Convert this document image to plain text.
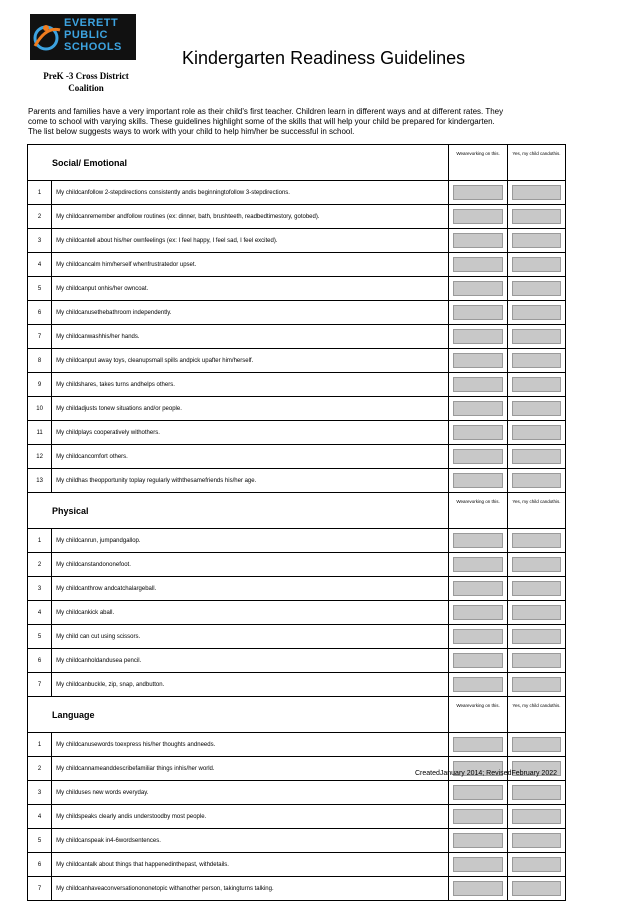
EVERETT
PUBLIC
SCHOOLS
PreK -3 Cross District
Coalition
Kindergarten Readiness Guidelines
Parents and families have a very important role as their child's first teacher. Children learn in different ways and at different rates. They
come to school with varying skills. These guidelines highlight some of the skills that will help your child be prepared for kindergarten.
The list below suggests ways to work with your child to help him/her be successful in school.
Social/ Emotional		Wearevorking on this.	Yes, my child candothis.
1	My childcanfollow 2-stepdirections consistently andis beginningtofollow 3-stepdirections.	

2	My childcanremember andfollow routines (ex: dinner, bath, brushteeth, readbedtimestory, gotobed).	

3	My childcantell about his/her ownfeelings (ex: I feel happy, I feel sad, I feel excited).	

4	My childcancalm him/herself whenfrustratedor upset.	

5	My childcanput onhis/her owncoat.	

6	My childcanusethebathroom independently.	

7	My childcanwashhis/her hands.	

8	My childcanput away toys, cleanupsmall spills andpick upafter him/herself.	

9	My childshares, takes turns andhelps others.	

10	My childadjusts tonew situations and/or people.	

11	My childplays cooperatively withothers.	

12	My childcancomfort others.	

13	My childhas theopportunity toplay regularly withthesamefriends his/her age.	

Physical		Wearevorking on this.	Yes, my child candothis.
1	My childcanrun, jumpandgallop.	

2	My childcanstandononefoot.	

3	My childcanthrow andcatchalargeball.	

4	My childcankick aball.	

5	My child can cut using scissors.	

6	My childcanholdandusea pencil.	

7	My childcanbuckle, zip, snap, andbutton.	

Language		Wearevorking on this.	Yes, my child candothis.
1	My childcanusewords toexpress his/her thoughts andneeds.	

2	My childcannameanddescribefamiliar things inhis/her world.	

3	My childuses new words everyday.	

4	My childspeaks clearly andis understoodby most people.	

5	My childcanspeak in4-6wordsentences.	

6	My childcantalk about things that happenedinthepast, withdetails.	

7	My childcanhaveaconversationononetopic withanother person, takingturns talking.	

CreatedJanuary 2014; RevisedFebruary 2022
